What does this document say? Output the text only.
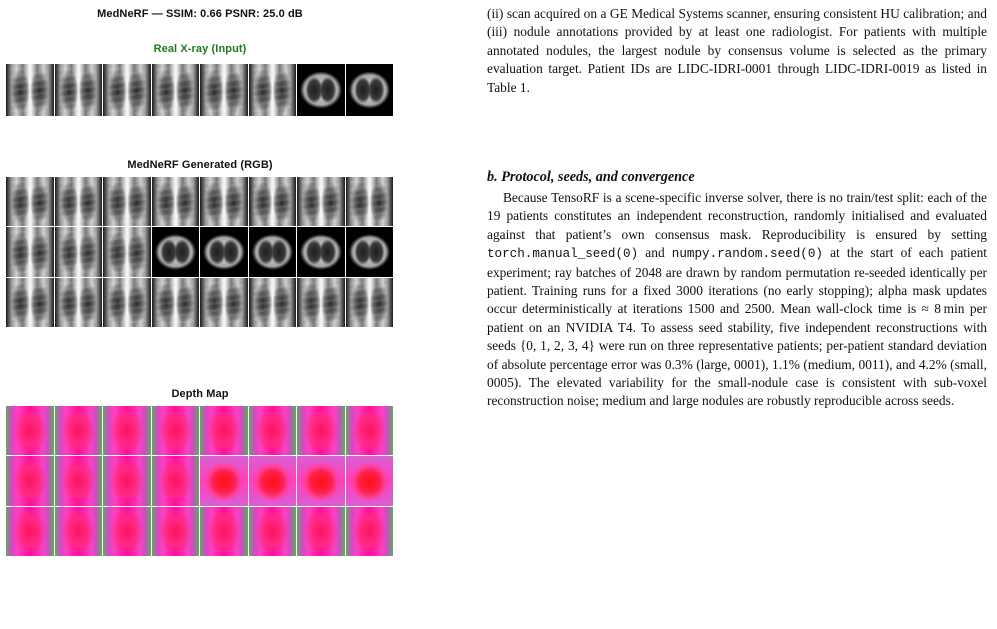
MedNeRF — SSIM: 0.66 PSNR: 25.0 dB
Real X-ray (Input)
MedNeRF Generated (RGB)
Depth Map

(ii) scan acquired on a GE Medical Systems scanner, ensuring consistent HU calibration; and (iii) nodule annotations provided by at least one radiologist. For patients with multiple annotated nodules, the largest nodule by consensus volume is selected as the primary evaluation target. Patient IDs are LIDC-IDRI-0001 through LIDC-IDRI-0019 as listed in Table 1.

b. Protocol, seeds, and convergence

Because TensoRF is a scene-specific inverse solver, there is no train/test split: each of the 19 patients constitutes an independent reconstruction, randomly initialised and evaluated against that patient’s own consensus mask. Reproducibility is ensured by setting torch.manual_seed(0) and numpy.random.seed(0) at the start of each patient experiment; ray batches of 2048 are drawn by random permutation re-seeded identically per patient. Training runs for a fixed 3000 iterations (no early stopping); alpha mask updates occur deterministically at iterations 1500 and 2500. Mean wall-clock time is ≈ 8 min per patient on an NVIDIA T4. To assess seed stability, five independent reconstructions with seeds {0, 1, 2, 3, 4} were run on three representative patients; per-patient standard deviation of absolute percentage error was 0.3% (large, 0001), 1.1% (medium, 0011), and 4.2% (small, 0005). The elevated variability for the small-nodule case is consistent with sub-voxel reconstruction noise; medium and large nodules are robustly reproducible across seeds.
